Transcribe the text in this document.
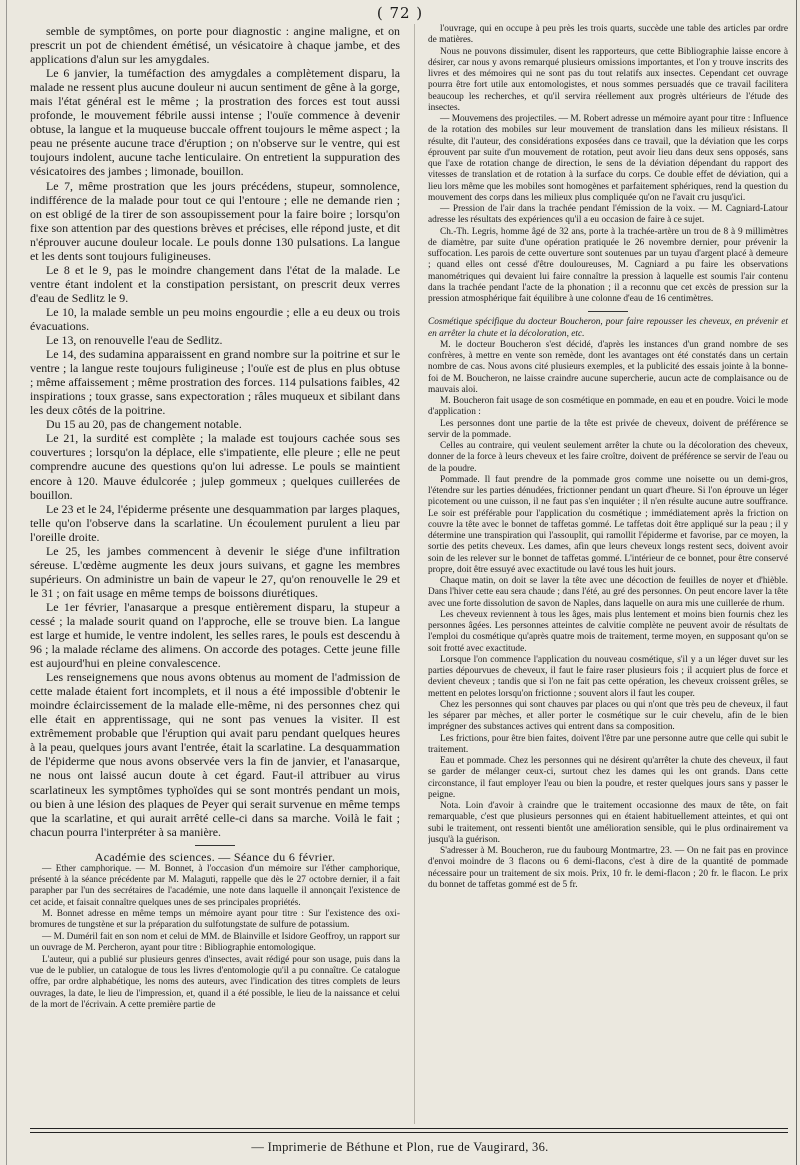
( 72 )

semble de symptômes, on porte pour diagnostic : angine maligne, et on prescrit un pot de chiendent émétisé, un vésicatoire à chaque jambe, et des applications d'alun sur les amygdales.

Le 6 janvier, la tuméfaction des amygdales a complètement disparu, la malade ne ressent plus aucune douleur ni aucun sentiment de gêne à la gorge, mais l'état général est le même ; la prostration des forces est tout aussi profonde, le mouvement fébrile aussi intense ; l'ouïe commence à devenir obtuse, la langue et la muqueuse buccale offrent toujours le même aspect ; la peau ne présente aucune trace d'éruption ; on n'observe sur le ventre, qui est toujours indolent, aucune tache lenticulaire. On entretient la suppuration des vésicatoires des jambes ; limonade, bouillon.

Le 7, même prostration que les jours précédens, stupeur, somnolence, indifférence de la malade pour tout ce qui l'entoure ; elle ne demande rien ; on est obligé de la tirer de son assoupissement pour la faire boire ; lorsqu'on fixe son attention par des questions brèves et précises, elle répond juste, et dit n'éprouver aucune douleur locale. Le pouls donne 130 pulsations. La langue et les dents sont toujours fuligineuses.

Le 8 et le 9, pas le moindre changement dans l'état de la malade. Le ventre étant indolent et la constipation persistant, on prescrit deux verres d'eau de Sedlitz le 9.

Le 10, la malade semble un peu moins engourdie ; elle a eu deux ou trois évacuations.

Le 13, on renouvelle l'eau de Sedlitz.

Le 14, des sudamina apparaissent en grand nombre sur la poitrine et sur le ventre ; la langue reste toujours fuligineuse ; l'ouïe est de plus en plus obtuse ; même affaissement ; même prostration des forces. 114 pulsations faibles, 42 inspirations ; toux grasse, sans expectoration ; râles muqueux et sibilant dans les deux côtés de la poitrine.

Du 15 au 20, pas de changement notable.

Le 21, la surdité est complète ; la malade est toujours cachée sous ses couvertures ; lorsqu'on la déplace, elle s'impatiente, elle pleure ; elle ne peut comprendre aucune des questions qu'on lui adresse. Le pouls se maintient encore à 120. Mauve édulcorée ; julep gommeux ; quelques cuillerées de bouillon.

Le 23 et le 24, l'épiderme présente une desquammation par larges plaques, telle qu'on l'observe dans la scarlatine. Un écoulement purulent a lieu par l'oreille droite.

Le 25, les jambes commencent à devenir le siége d'une infiltration séreuse. L'œdème augmente les deux jours suivans, et gagne les membres supérieurs. On administre un bain de vapeur le 27, qu'on renouvelle le 29 et le 31 ; on fait usage en même temps de boissons diurétiques.

Le 1er février, l'anasarque a presque entièrement disparu, la stupeur a cessé ; la malade sourit quand on l'approche, elle se trouve bien. La langue est large et humide, le ventre indolent, les selles rares, le pouls est descendu à 96 ; la malade réclame des alimens. On accorde des potages. Cette jeune fille est aujourd'hui en pleine convalescence.

Les renseignemens que nous avons obtenus au moment de l'admission de cette malade étaient fort incomplets, et il nous a été impossible d'obtenir le moindre éclaircissement de la malade elle-même, ni des personnes chez qui elle était en apprentissage, qui ne sont pas venues la visiter. Il est extrêmement probable que l'éruption qui avait paru pendant quelques heures à la peau, quelques jours avant l'entrée, était la scarlatine. La desquammation de l'épiderme que nous avons observée vers la fin de janvier, et l'anasarque, ne nous ont laissé aucun doute à cet égard. Faut-il attribuer au virus scarlatineux les symptômes typhoïdes qui se sont montrés pendant un mois, ou bien à une lésion des plaques de Peyer qui serait survenue en même temps que la scarlatine, et qui aurait arrêté celle-ci dans sa marche. Voilà le fait ; chacun pourra l'interpréter à sa manière.

Académie des sciences. — Séance du 6 février.

— Ether camphorique. — M. Bonnet, à l'occasion d'un mémoire sur l'éther camphorique, présenté à la séance précédente par M. Malaguti, rappelle que dès le 27 octobre dernier, il a fait parapher par l'un des secrétaires de l'académie, une note dans laquelle il annonçait l'existence de cet acide, et faisait connaître quelques unes de ses principales propriétés.

M. Bonnet adresse en même temps un mémoire ayant pour titre : Sur l'existence des oxi-bromures de tungstène et sur la préparation du sulfotungstate de sulfure de potassium.

— M. Duméril fait en son nom et celui de MM. de Blainville et Isidore Geoffroy, un rapport sur un ouvrage de M. Percheron, ayant pour titre : Bibliographie entomologique.

L'auteur, qui a publié sur plusieurs genres d'insectes, avait rédigé pour son usage, puis dans la vue de le publier, un catalogue de tous les livres d'entomologie qu'il a pu connaître. Ce catalogue offre, par ordre alphabétique, les noms des auteurs, avec l'indication des titres complets de leurs ouvrages, la date, le lieu de l'impression, et, quand il a été possible, le lieu de la naissance et celui de la mort de l'écrivain. A cette première partie de

l'ouvrage, qui en occupe à peu près les trois quarts, succède une table des articles par ordre de matières.

Nous ne pouvons dissimuler, disent les rapporteurs, que cette Bibliographie laisse encore à désirer, car nous y avons remarqué plusieurs omissions importantes, et l'on y trouve inscrits des livres et des mémoires qui ne sont pas du tout relatifs aux insectes. Cependant cet ouvrage pourra être fort utile aux entomologistes, et nous sommes persuadés que ce travail facilitera beaucoup les recherches, et qu'il servira réellement aux progrès ultérieurs de l'étude des insectes.

— Mouvemens des projectiles. — M. Robert adresse un mémoire ayant pour titre : Influence de la rotation des mobiles sur leur mouvement de translation dans les milieux résistans. Il résulte, dit l'auteur, des considérations exposées dans ce travail, que la déviation que les corps éprouvent par suite d'un mouvement de rotation, peut avoir lieu dans deux sens opposés, sans que l'axe de rotation change de direction, le sens de la déviation dépendant du rapport des vitesses de translation et de rotation à la surface du corps. Ce double effet de déviation, qui a lieu lors même que les mobiles sont homogènes et parfaitement sphériques, rend la question du mouvement des corps dans les milieux plus compliquée qu'on ne l'avait cru jusqu'ici.

— Pression de l'air dans la trachée pendant l'émission de la voix. — M. Cagniard-Latour adresse les résultats des expériences qu'il a eu occasion de faire à ce sujet.

Ch.-Th. Legris, homme âgé de 32 ans, porte à la trachée-artère un trou de 8 à 9 millimètres de diamètre, par suite d'une opération pratiquée le 26 novembre dernier, pour prévenir la suffocation. Les parois de cette ouverture sont soutenues par un tuyau d'argent placé à demeure ; quand elles ont cessé d'être douloureuses, M. Cagniard a pu faire les observations manométriques qui devaient lui faire connaître la pression à laquelle est soumis l'air contenu dans la trachée pendant l'acte de la phonation ; il a reconnu que cet excès de pression sur la pression atmosphérique fait équilibre à une colonne d'eau de 16 centimètres.

Cosmétique spécifique du docteur Boucheron, pour faire repousser les cheveux, en prévenir et en arrêter la chute et la décoloration, etc.

M. le docteur Boucheron s'est décidé, d'après les instances d'un grand nombre de ses confrères, à mettre en vente son remède, dont les avantages ont été constatés dans un certain nombre de cas. Nous avons cité plusieurs exemples, et la publicité des essais jointe à la bonne-foi de M. Boucheron, ne laisse craindre aucune supercherie, aucun acte de complaisance ou de mauvais aloi.

M. Boucheron fait usage de son cosmétique en pommade, en eau et en poudre. Voici le mode d'application :

Les personnes dont une partie de la tête est privée de cheveux, doivent de préférence se servir de la pommade.

Celles au contraire, qui veulent seulement arrêter la chute ou la décoloration des cheveux, donner de la force à leurs cheveux et les faire croître, doivent de préférence se servir de l'eau ou de la poudre.

Pommade. Il faut prendre de la pommade gros comme une noisette ou un demi-gros, l'étendre sur les parties dénudées, frictionner pendant un quart d'heure. Si l'on éprouve un léger picotement ou une cuisson, il ne faut pas s'en inquiéter ; il n'en résulte aucune autre souffrance. Le soir est préférable pour l'application du cosmétique ; immédiatement après la friction on couvre la tête avec le bonnet de taffetas gommé. Le taffetas doit être appliqué sur la peau ; il y détermine une transpiration qui l'assouplit, qui ramollit l'épiderme et favorise, par ce moyen, la sortie des petits cheveux. Les dames, afin que leurs cheveux longs restent secs, doivent avoir soin de les relever sur le bonnet de taffetas gommé. L'intérieur de ce bonnet, pour être conservé propre, doit être essuyé avec exactitude ou lavé tous les huit jours.

Chaque matin, on doit se laver la tête avec une décoction de feuilles de noyer et d'hièble. Dans l'hiver cette eau sera chaude ; dans l'été, au gré des personnes. On peut encore laver la tête avec une forte dissolution de savon de Naples, dans laquelle on aura mis une cuillerée de rhum.

Les cheveux reviennent à tous les âges, mais plus lentement et moins bien fournis chez les personnes âgées. Les personnes atteintes de calvitie complète ne peuvent avoir de résultats de l'emploi du cosmétique qu'après quatre mois de traitement, terme moyen, en supposant qu'on se soit frotté avec exactitude.

Lorsque l'on commence l'application du nouveau cosmétique, s'il y a un léger duvet sur les parties dépourvues de cheveux, il faut le faire raser plusieurs fois ; il acquiert plus de force et devient cheveux ; tandis que si l'on ne fait pas cette opération, les cheveux croissent grêles, se mettent en pelotes lorsqu'on frictionne ; souvent alors il faut les couper.

Chez les personnes qui sont chauves par places ou qui n'ont que très peu de cheveux, il faut les séparer par mèches, et aller porter le cosmétique sur le cuir chevelu, afin de le bien imprégner des substances actives qui entrent dans sa composition.

Les frictions, pour être bien faites, doivent l'être par une personne autre que celle qui subit le traitement.

Eau et pommade. Chez les personnes qui ne désirent qu'arrêter la chute des cheveux, il faut se garder de mélanger ceux-ci, surtout chez les dames qui les ont grands. Dans cette circonstance, il faut employer l'eau ou bien la poudre, et rester quelques jours sans y passer le peigne.

Nota. Loin d'avoir à craindre que le traitement occasionne des maux de tête, on fait remarquable, c'est que plusieurs personnes qui en étaient habituellement atteintes, et qui ont subi le traitement, ont ressenti bientôt une amélioration sensible, qui le plus ordinairement va jusqu'à la guérison.

S'adresser à M. Boucheron, rue du faubourg Montmartre, 23. — On ne fait pas en province d'envoi moindre de 3 flacons ou 6 demi-flacons, c'est à dire de la quantité de pommade nécessaire pour un traitement de six mois. Prix, 10 fr. le demi-flacon ; 20 fr. le flacon. Le prix du bonnet de taffetas gommé est de 5 fr.

— Imprimerie de Béthune et Plon, rue de Vaugirard, 36.
